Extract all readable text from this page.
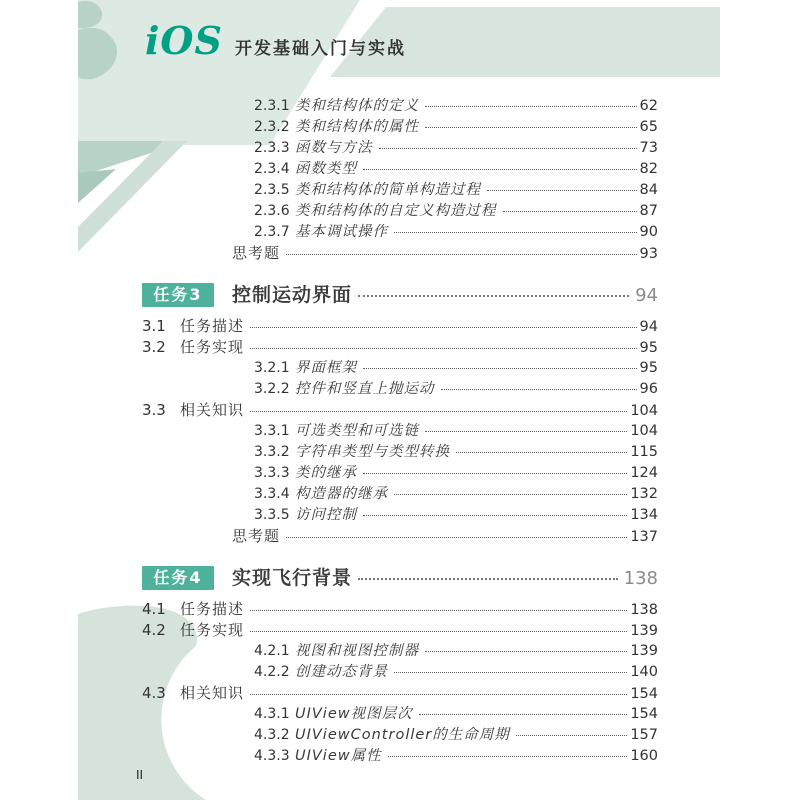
iOS 开发基础入门与实战
2.3.1 类和结构体的定义	62
2.3.2 类和结构体的属性	65
2.3.3 函数与方法	73
2.3.4 函数类型	82
2.3.5 类和结构体的简单构造过程	84
2.3.6 类和结构体的自定义构造过程	87
2.3.7 基本调试操作	90
思考题	93
任务3	控制运动界面	94
3.1 任务描述	94
3.2 任务实现	95
3.2.1 界面框架	95
3.2.2 控件和竖直上抛运动	96
3.3 相关知识	104
3.3.1 可选类型和可选链	104
3.3.2 字符串类型与类型转换	115
3.3.3 类的继承	124
3.3.4 构造器的继承	132
3.3.5 访问控制	134
思考题	137
任务4	实现飞行背景	138
4.1 任务描述	138
4.2 任务实现	139
4.2.1 视图和视图控制器	139
4.2.2 创建动态背景	140
4.3 相关知识	154
4.3.1 UIView视图层次	154
4.3.2 UIViewController的生命周期	157
4.3.3 UIView属性	160
II
